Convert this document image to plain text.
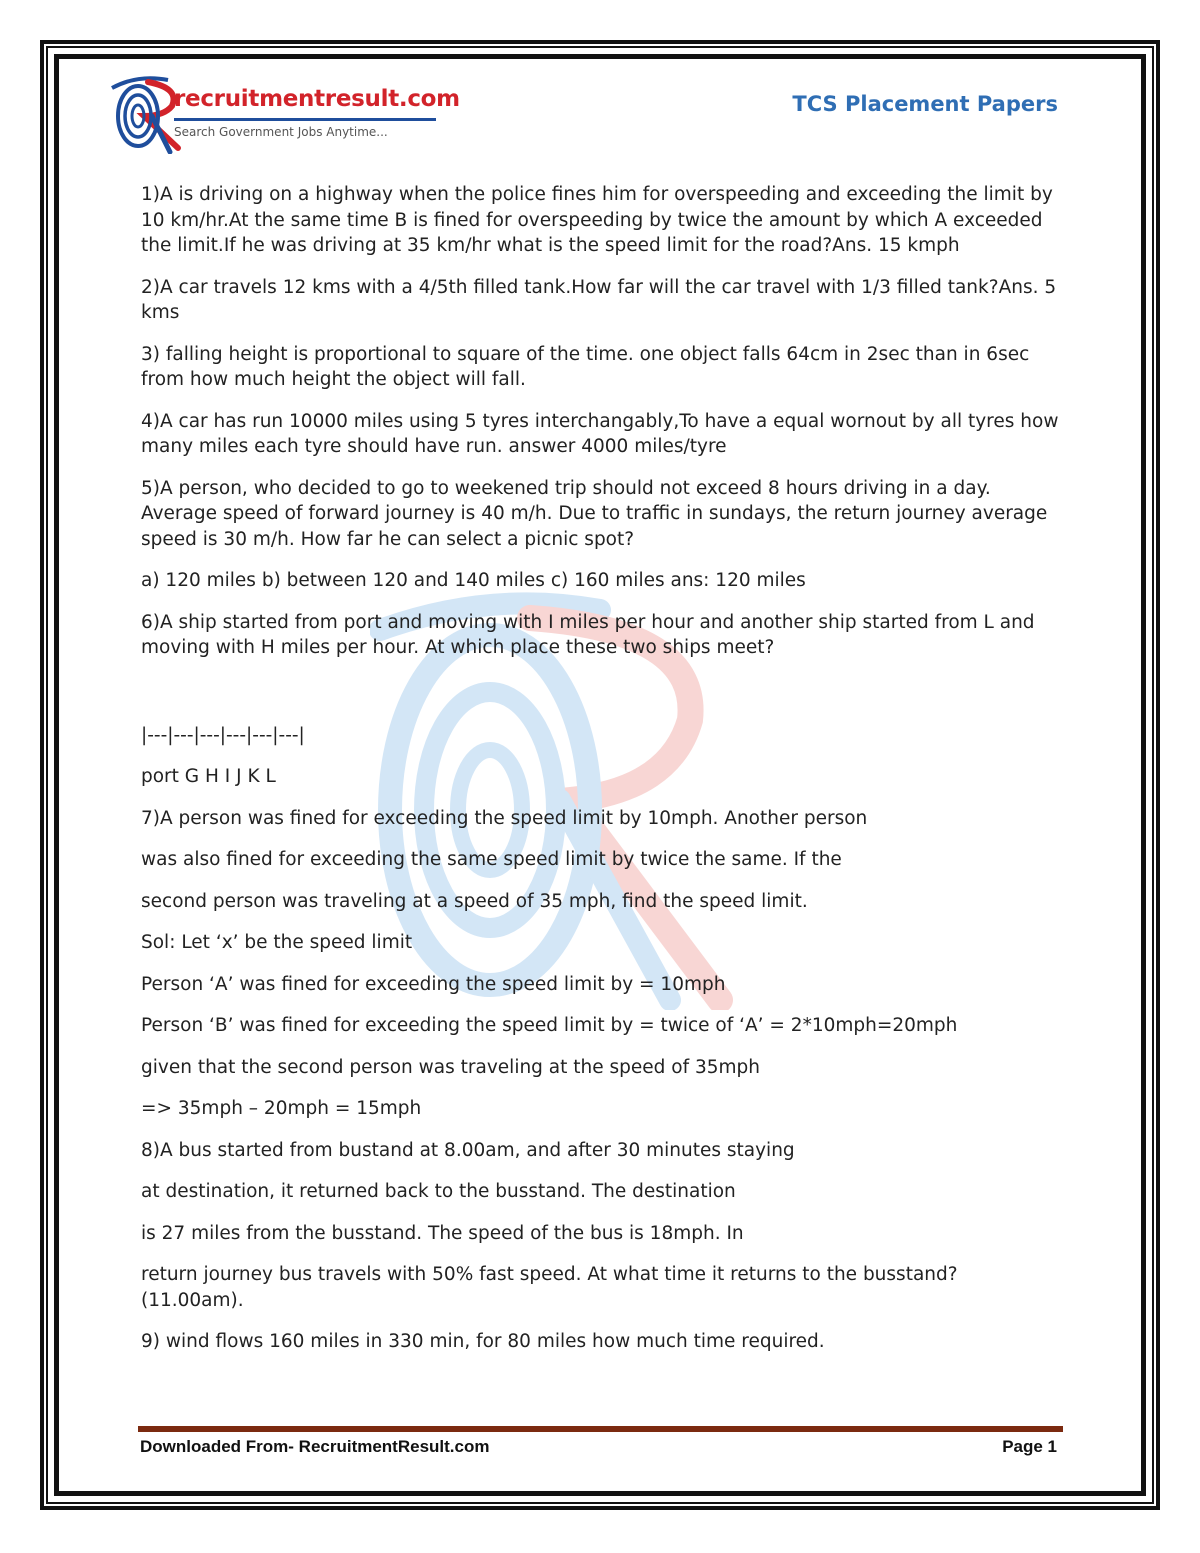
recruitmentresult.com
Search Government Jobs Anytime...
TCS Placement Papers

1)A is driving on a highway when the police fines him for overspeeding and exceeding the limit by 10 km/hr.At the same time B is fined for overspeeding by twice the amount by which A exceeded the limit.If he was driving at 35 km/hr what is the speed limit for the road?Ans. 15 kmph

2)A car travels 12 kms with a 4/5th filled tank.How far will the car travel with 1/3 filled tank?Ans. 5 kms

3) falling height is proportional to square of the time. one object falls 64cm in 2sec than in 6sec from how much height the object will fall.

4)A car has run 10000 miles using 5 tyres interchangably,To have a equal wornout by all tyres how many miles each tyre should have run. answer 4000 miles/tyre

5)A person, who decided to go to weekened trip should not exceed 8 hours driving in a day. Average speed of forward journey is 40 m/h. Due to traffic in sundays, the return journey average speed is 30 m/h. How far he can select a picnic spot?

a) 120 miles b) between 120 and 140 miles c) 160 miles ans: 120 miles

6)A ship started from port and moving with I miles per hour and another ship started from L and moving with H miles per hour. At which place these two ships meet?

|---|---|---|---|---|---|

port G H I J K L

7)A person was fined for exceeding the speed limit by 10mph. Another person

was also fined for exceeding the same speed limit by twice the same. If the

second person was traveling at a speed of 35 mph, find the speed limit.

Sol: Let ‘x’ be the speed limit

Person ‘A’ was fined for exceeding the speed limit by = 10mph

Person ‘B’ was fined for exceeding the speed limit by = twice of ‘A’ = 2*10mph=20mph

given that the second person was traveling at the speed of 35mph

=> 35mph – 20mph = 15mph

8)A bus started from bustand at 8.00am, and after 30 minutes staying

at destination, it returned back to the busstand. The destination

is 27 miles from the busstand. The speed of the bus is 18mph. In

return journey bus travels with 50% fast speed. At what time it returns to the busstand? (11.00am).

9) wind flows 160 miles in 330 min, for 80 miles how much time required.

Downloaded From- RecruitmentResult.com	Page 1
